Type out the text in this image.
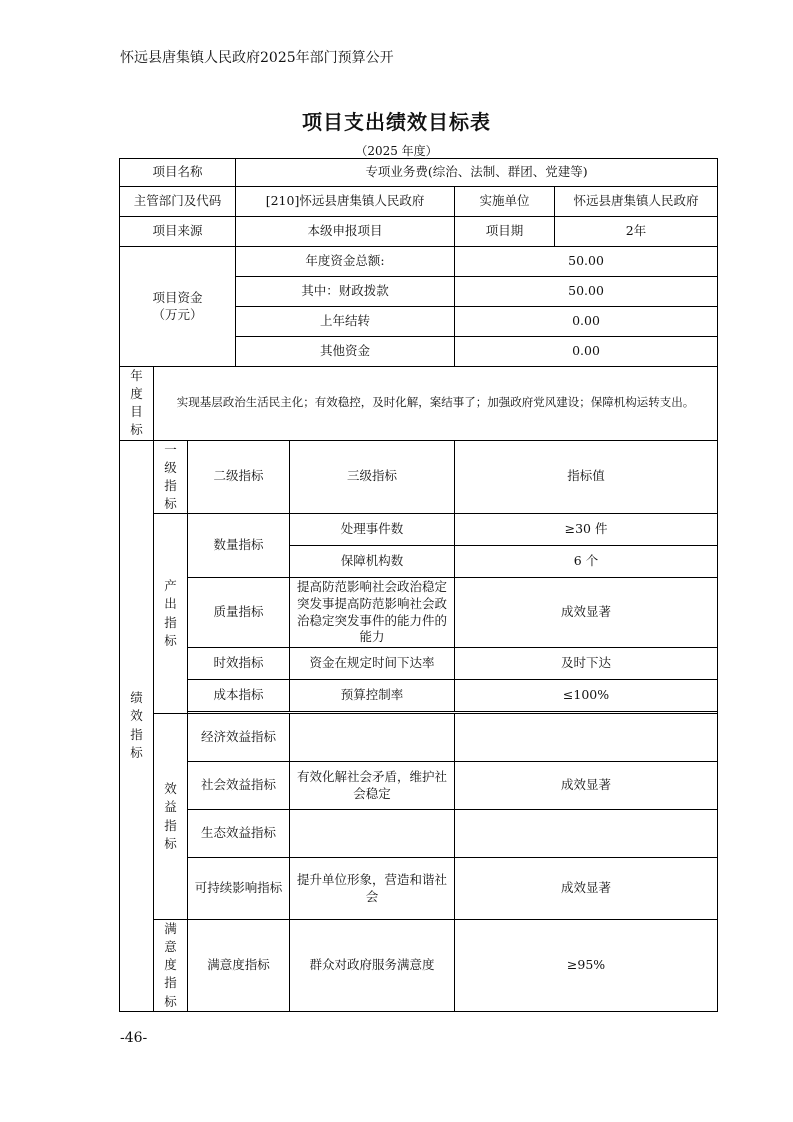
怀远县唐集镇人民政府2025年部门预算公开
项目支出绩效目标表
（2025 年度）
项目名称			专项业务费(综治、法制、群团、党建等)			
主管部门及代码			[210]怀远县唐集镇人民政府		实施单位	怀远县唐集镇人民政府
项目来源			本级申报项目		项目期	2年

项目资金
（万元）			年度资金总额:		50.00	
			其中：财政拨款		50.00	
			上年结转		0.00	
			其他资金		0.00	

年度目标	实现基层政治生活民主化；有效稳控，及时化解，案结事了；加强政府党风建设；保障机构运转支出。					

绩效指标	一级指标	二级指标		三级指标	指标值	

	产出指标	数量指标		处理事件数	≥30 件	
				保障机构数	6 个	
		质量指标		提高防范影响社会政治稳定突发事提高防范影响社会政治稳定突发事件的能力件的能力	成效显著	
		时效指标		资金在规定时间下达率	及时下达	
		成本指标		预算控制率	≤100%	

	效益指标	经济效益指标				
		社会效益指标		有效化解社会矛盾，维护社会稳定	成效显著	
		生态效益指标				
		可持续影响指标		提升单位形象，营造和谐社会	成效显著	

	满意度指标	满意度指标		群众对政府服务满意度	≥95%	
-46-
